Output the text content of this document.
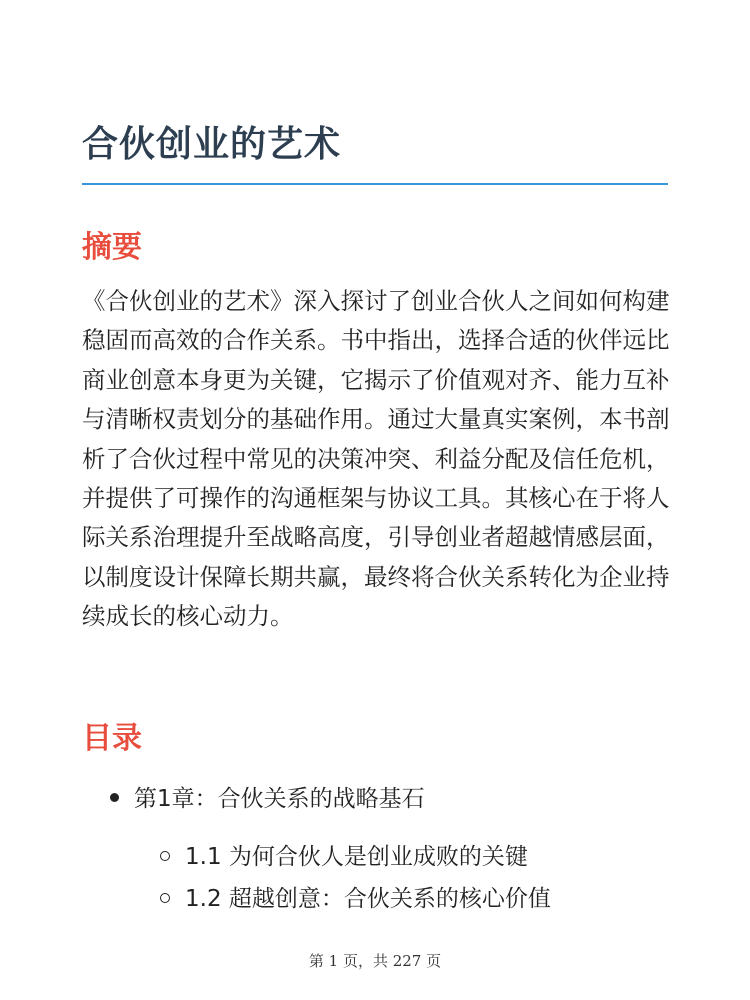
合伙创业的艺术
摘要

《合伙创业的艺术》深入探讨了创业合伙人之间如何构建稳固而高效的合作关系。书中指出，选择合适的伙伴远比商业创意本身更为关键，它揭示了价值观对齐、能力互补与清晰权责划分的基础作用。通过大量真实案例，本书剖析了合伙过程中常见的决策冲突、利益分配及信任危机，并提供了可操作的沟通框架与协议工具。其核心在于将人际关系治理提升至战略高度，引导创业者超越情感层面，以制度设计保障长期共赢，最终将合伙关系转化为企业持续成长的核心动力。

目录
第1章：合伙关系的战略基石
1.1 为何合伙人是创业成败的关键
1.2 超越创意：合伙关系的核心价值
第 1 页，共 227 页
